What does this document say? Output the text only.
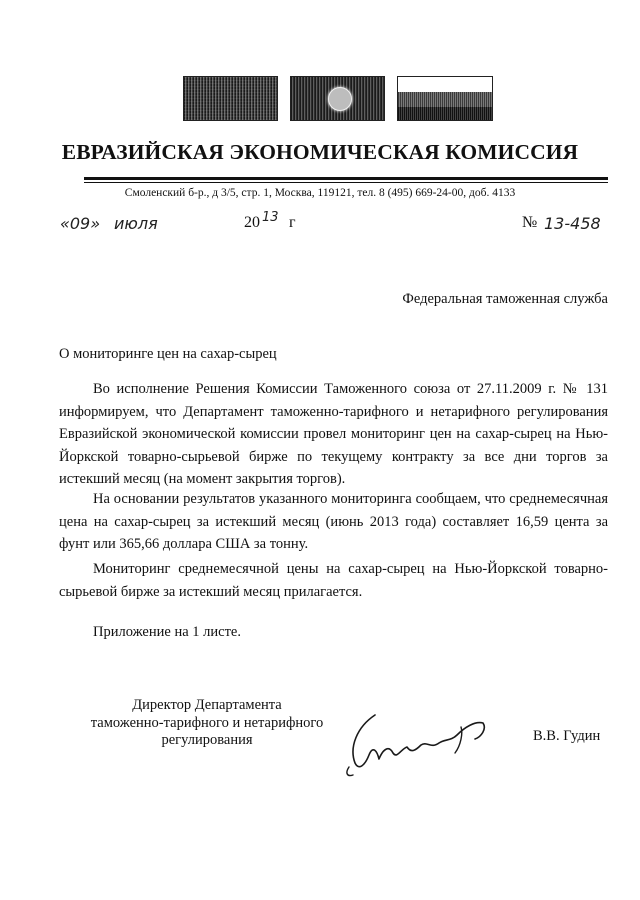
ЕВРАЗИЙСКАЯ ЭКОНОМИЧЕСКАЯ КОМИССИЯ
Смоленский б-р., д 3/5, стр. 1, Москва, 119121, тел. 8 (495) 669-24-00, доб. 4133
«09» июля	20 13 г	№ 13-458
Федеральная таможенная служба
О мониторинге цен на сахар-сырец
Во исполнение Решения Комиссии Таможенного союза от 27.11.2009 г. № 131 информируем, что Департамент таможенно-тарифного и нетарифного регулирования Евразийской экономической комиссии провел мониторинг цен на сахар-сырец на Нью-Йоркской товарно-сырьевой бирже по текущему контракту за все дни торгов за истекший месяц (на момент закрытия торгов).
На основании результатов указанного мониторинга сообщаем, что среднемесячная цена на сахар-сырец за истекший месяц (июнь 2013 года) составляет 16,59 цента за фунт или 365,66 доллара США за тонну.
Мониторинг среднемесячной цены на сахар-сырец на Нью-Йоркской товарно-сырьевой бирже за истекший месяц прилагается.
Приложение на 1 листе.
Директор Департамента
таможенно-тарифного и нетарифного
регулирования	В.В. Гудин
